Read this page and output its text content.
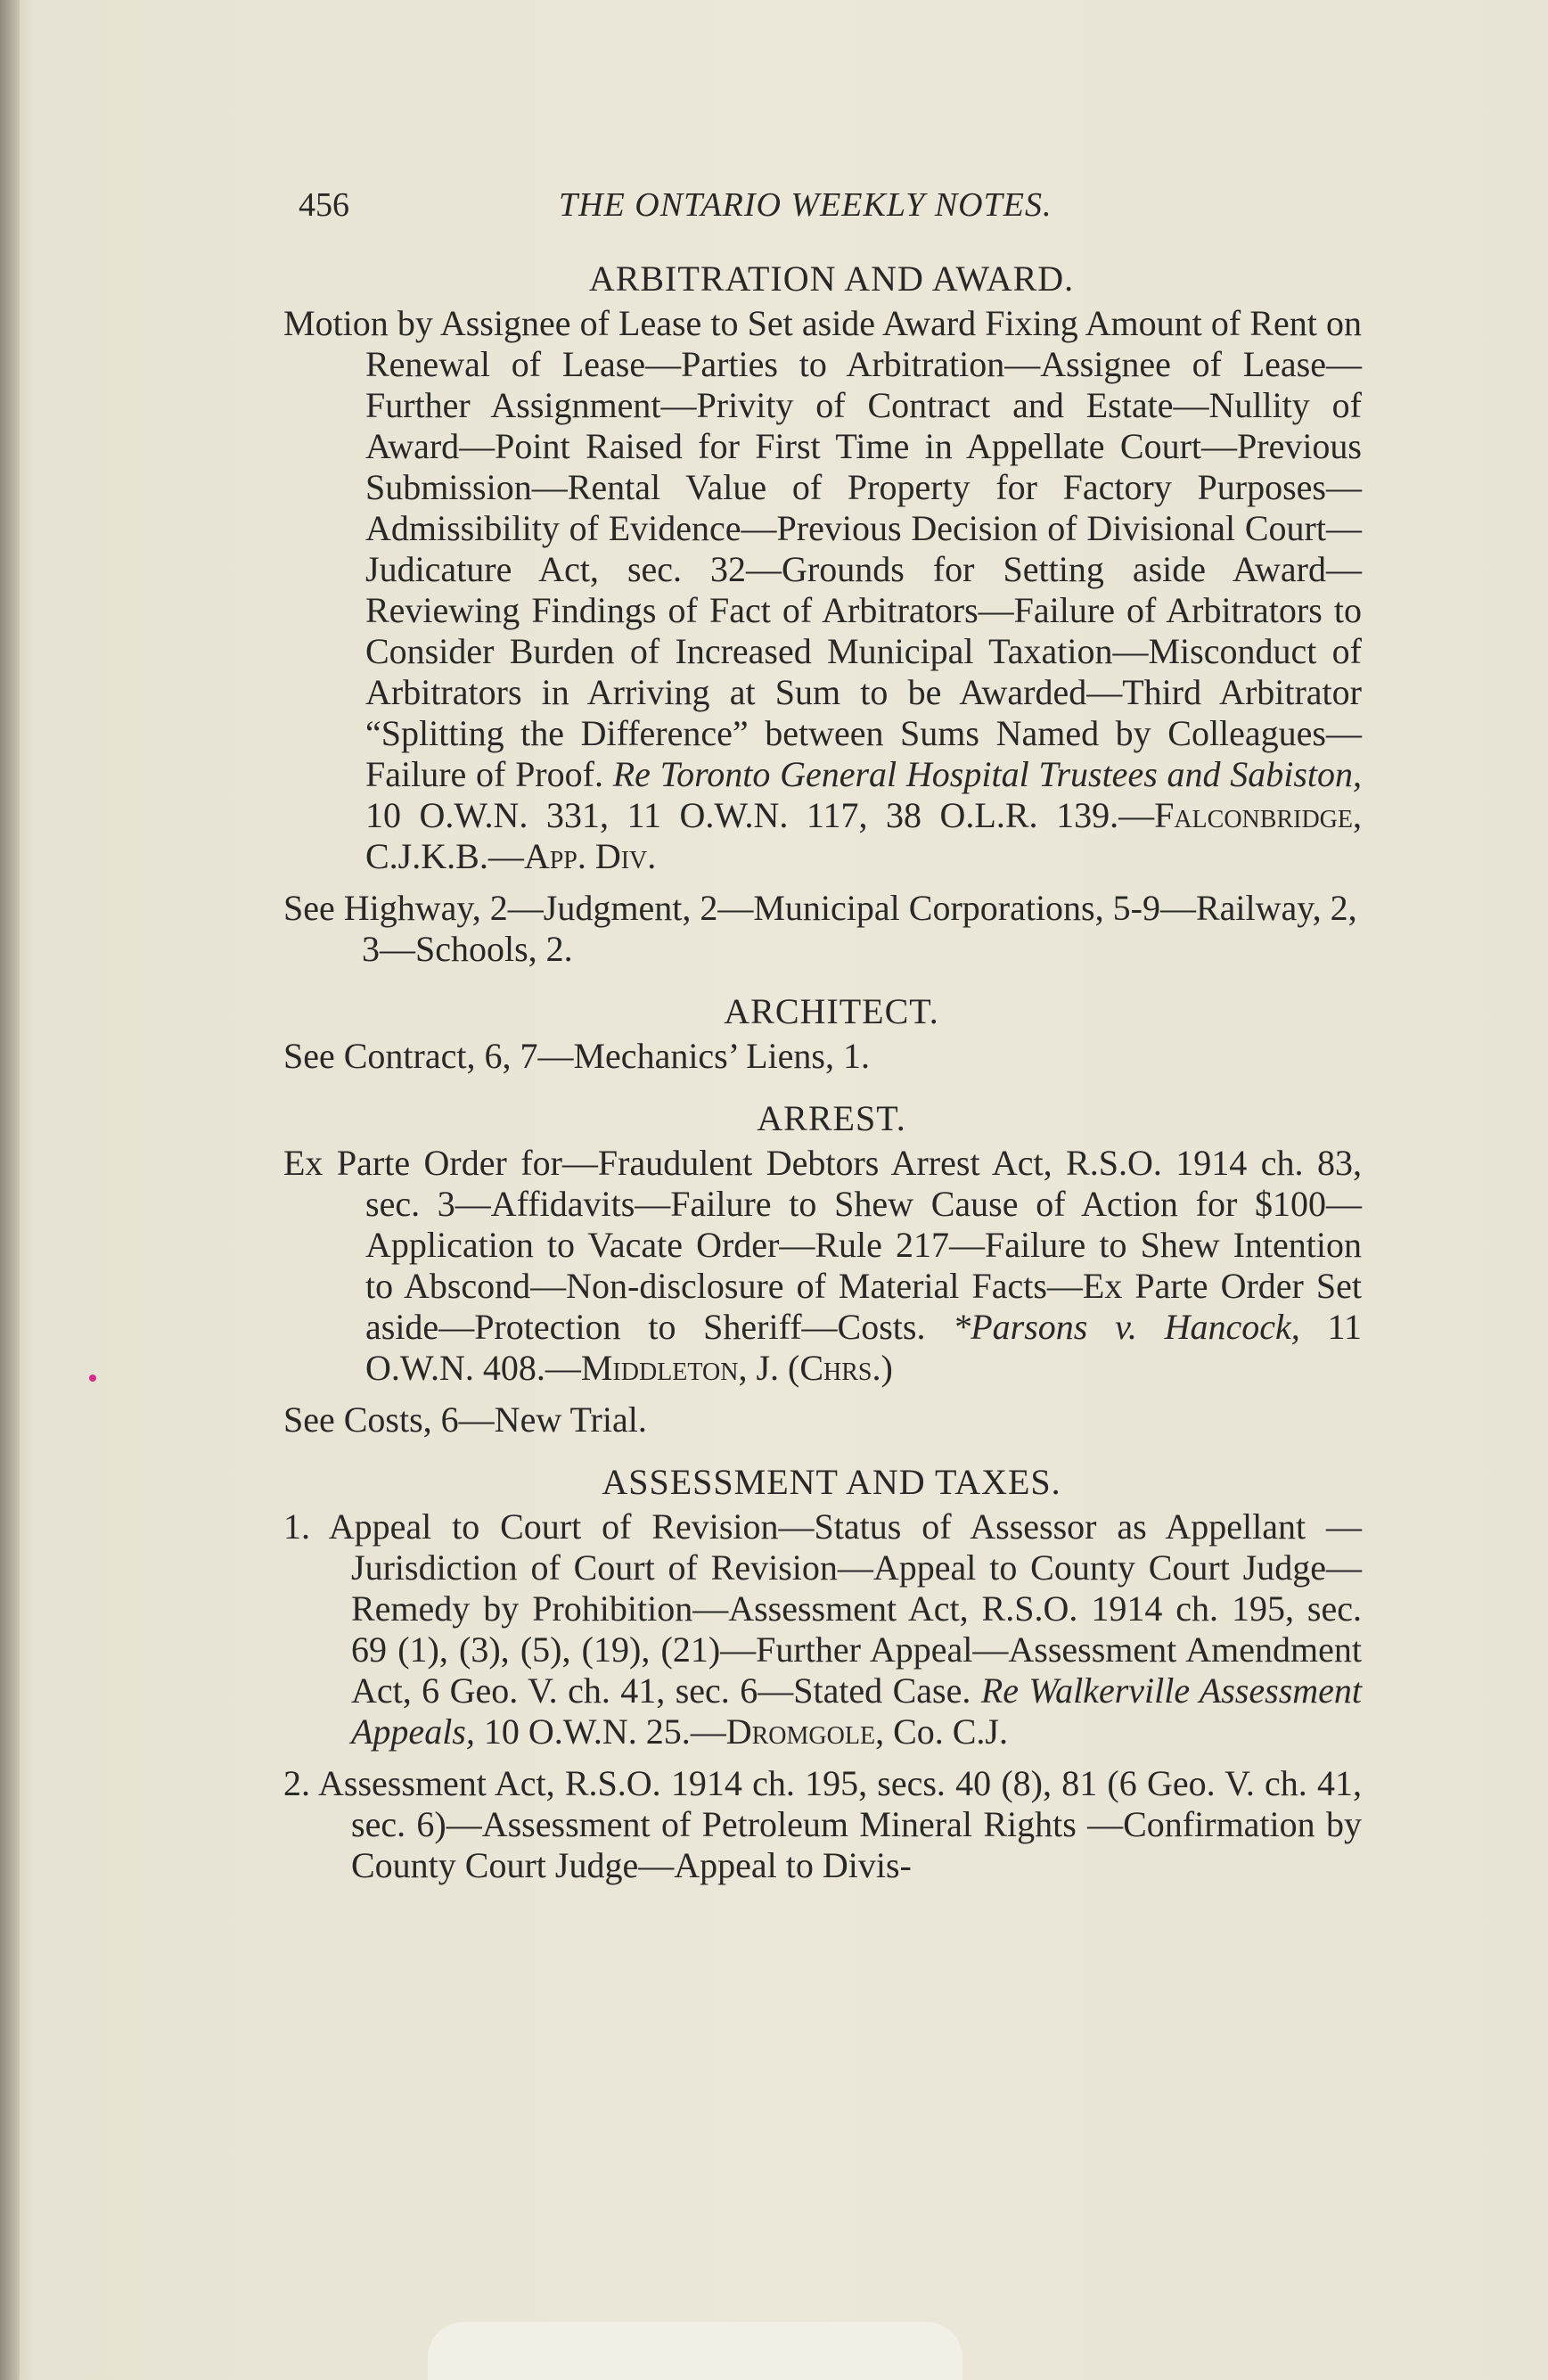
456	THE ONTARIO WEEKLY NOTES.
ARBITRATION AND AWARD.
Motion by Assignee of Lease to Set aside Award Fixing Amount of Rent on Renewal of Lease—Parties to Arbitration—Assignee of Lease—Further Assignment—Privity of Contract and Estate—Nullity of Award—Point Raised for First Time in Appellate Court—Previous Submission—Rental Value of Property for Factory Purposes—Admissibility of Evidence—Previous Decision of Divisional Court—Judicature Act, sec. 32—Grounds for Setting aside Award—Reviewing Findings of Fact of Arbitrators—Failure of Arbitrators to Consider Burden of Increased Municipal Taxation—Misconduct of Arbitrators in Arriving at Sum to be Awarded—Third Arbitrator “Splitting the Difference” between Sums Named by Colleagues—Failure of Proof. Re Toronto General Hospital Trustees and Sabiston, 10 O.W.N. 331, 11 O.W.N. 117, 38 O.L.R. 139.—Falconbridge, C.J.K.B.—App. Div.
See Highway, 2—Judgment, 2—Municipal Corporations, 5-9—Railway, 2, 3—Schools, 2.
ARCHITECT.
See Contract, 6, 7—Mechanics’ Liens, 1.
ARREST.
Ex Parte Order for—Fraudulent Debtors Arrest Act, R.S.O. 1914 ch. 83, sec. 3—Affidavits—Failure to Shew Cause of Action for $100—Application to Vacate Order—Rule 217—Failure to Shew Intention to Abscond—Non-disclosure of Material Facts—Ex Parte Order Set aside—Protection to Sheriff—Costs. *Parsons v. Hancock, 11 O.W.N. 408.—Middleton, J. (Chrs.)
See Costs, 6—New Trial.
ASSESSMENT AND TAXES.
1. Appeal to Court of Revision—Status of Assessor as Appellant —Jurisdiction of Court of Revision—Appeal to County Court Judge—Remedy by Prohibition—Assessment Act, R.S.O. 1914 ch. 195, sec. 69 (1), (3), (5), (19), (21)—Further Appeal—Assessment Amendment Act, 6 Geo. V. ch. 41, sec. 6—Stated Case. Re Walkerville Assessment Appeals, 10 O.W.N. 25.—Dromgole, Co. C.J.
2. Assessment Act, R.S.O. 1914 ch. 195, secs. 40 (8), 81 (6 Geo. V. ch. 41, sec. 6)—Assessment of Petroleum Mineral Rights —Confirmation by County Court Judge—Appeal to Divis-
